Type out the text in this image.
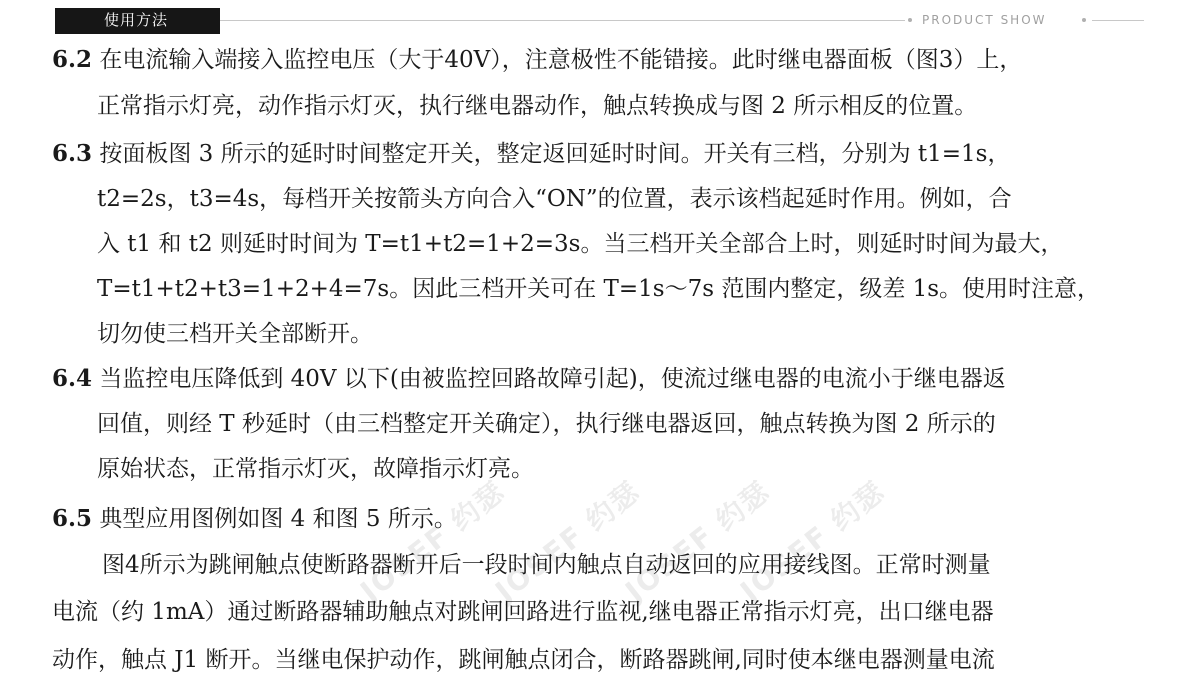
使用方法	PRODUCT SHOW
JOSEF 约瑟
JOSEF 约瑟
JOSEF 约瑟
JOSEF 约瑟
6.2 在电流输入端接入监控电压（大于40V），注意极性不能错接。此时继电器面板（图3）上，
正常指示灯亮，动作指示灯灭，执行继电器动作，触点转换成与图 2 所示相反的位置。
6.3 按面板图 3 所示的延时时间整定开关，整定返回延时时间。开关有三档，分别为 t1=1s，
t2=2s，t3=4s，每档开关按箭头方向合入“ON”的位置，表示该档起延时作用。例如，合
入 t1 和 t2 则延时时间为 T=t1+t2=1+2=3s。当三档开关全部合上时，则延时时间为最大，
T=t1+t2+t3=1+2+4=7s。因此三档开关可在 T=1s～7s 范围内整定，级差 1s。使用时注意，
切勿使三档开关全部断开。
6.4 当监控电压降低到 40V 以下(由被监控回路故障引起)，使流过继电器的电流小于继电器返
回值，则经 T 秒延时（由三档整定开关确定），执行继电器返回，触点转换为图 2 所示的
原始状态，正常指示灯灭，故障指示灯亮。
6.5 典型应用图例如图 4 和图 5 所示。
图4所示为跳闸触点使断路器断开后一段时间内触点自动返回的应用接线图。正常时测量
电流（约 1mA）通过断路器辅助触点对跳闸回路进行监视,继电器正常指示灯亮，出口继电器
动作，触点 J1 断开。当继电保护动作，跳闸触点闭合，断路器跳闸,同时使本继电器测量电流
